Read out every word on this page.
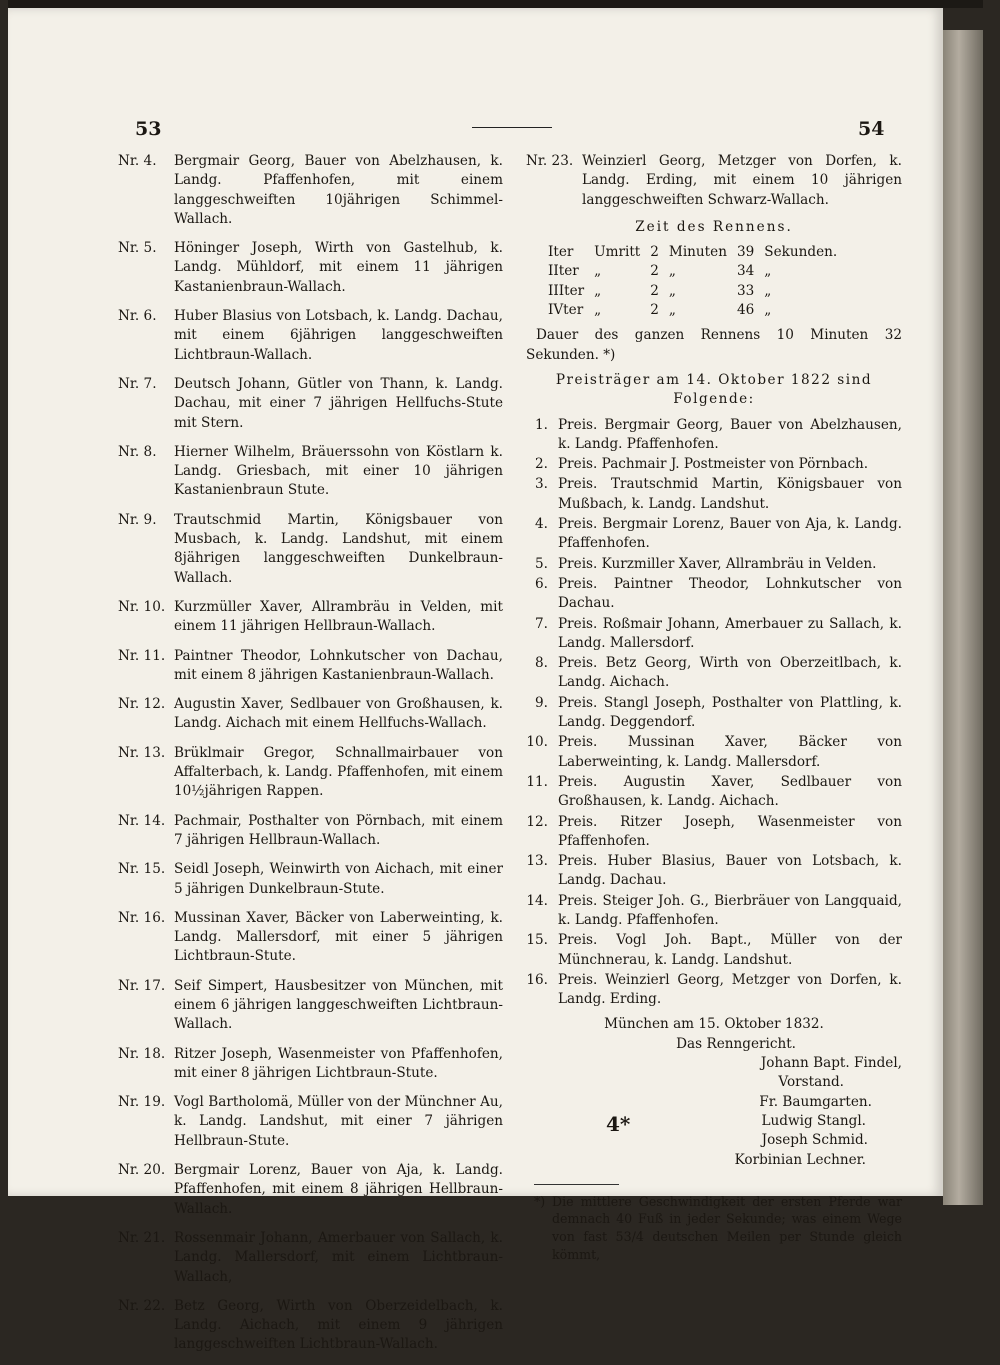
53	54
Nr. 4.	Bergmair Georg, Bauer von Abelzhausen, k. Landg. Pfaffenhofen, mit einem langgeschweiften 10jährigen Schimmel-Wallach.
Nr. 5.	Höninger Joseph, Wirth von Gastelhub, k. Landg. Mühldorf, mit einem 11 jährigen Kastanienbraun-Wallach.
Nr. 6.	Huber Blasius von Lotsbach, k. Landg. Dachau, mit einem 6jährigen langgeschweiften Lichtbraun-Wallach.
Nr. 7.	Deutsch Johann, Gütler von Thann, k. Landg. Dachau, mit einer 7 jährigen Hellfuchs-Stute mit Stern.
Nr. 8.	Hierner Wilhelm, Bräuerssohn von Köstlarn k. Landg. Griesbach, mit einer 10 jährigen Kastanienbraun Stute.
Nr. 9.	Trautschmid Martin, Königsbauer von Musbach, k. Landg. Landshut, mit einem 8jährigen langgeschweiften Dunkelbraun-Wallach.
Nr. 10. Kurzmüller Xaver, Allrambräu in Velden, mit einem 11 jährigen Hellbraun-Wallach.
Nr. 11. Paintner Theodor, Lohnkutscher von Dachau, mit einem 8 jährigen Kastanienbraun-Wallach.
Nr. 12. Augustin Xaver, Sedlbauer von Großhausen, k. Landg. Aichach mit einem Hellfuchs-Wallach.
Nr. 13. Brüklmair Gregor, Schnallmairbauer von Affalterbach, k. Landg. Pfaffenhofen, mit einem 10½jährigen Rappen.
Nr. 14. Pachmair, Posthalter von Pörnbach, mit einem 7 jährigen Hellbraun-Wallach.
Nr. 15. Seidl Joseph, Weinwirth von Aichach, mit einer 5 jährigen Dunkelbraun-Stute.
Nr. 16. Mussinan Xaver, Bäcker von Laberweinting, k. Landg. Mallersdorf, mit einer 5 jährigen Lichtbraun-Stute.
Nr. 17. Seif Simpert, Hausbesitzer von München, mit einem 6 jährigen langgeschweiften Lichtbraun-Wallach.
Nr. 18. Ritzer Joseph, Wasenmeister von Pfaffenhofen, mit einer 8 jährigen Lichtbraun-Stute.
Nr. 19. Vogl Bartholomä, Müller von der Münchner Au, k. Landg. Landshut, mit einer 7 jährigen Hellbraun-Stute.
Nr. 20. Bergmair Lorenz, Bauer von Aja, k. Landg. Pfaffenhofen, mit einem 8 jährigen Hellbraun-Wallach.
Nr. 21. Rossenmair Johann, Amerbauer von Sallach, k. Landg. Mallersdorf, mit einem Lichtbraun-Wallach,
Nr. 22. Betz Georg, Wirth von Oberzeidelbach, k. Landg. Aichach, mit einem 9 jährigen langgeschweiften Lichtbraun-Wallach.
Nr. 23. Weinzierl Georg, Metzger von Dorfen, k. Landg. Erding, mit einem 10 jährigen langgeschweiften Schwarz-Wallach.
Zeit des Rennens.
Iter	Umritt	2	Minuten	39	Sekunden.
IIter	„	2	„	34	„
IIIter	„	2	„	33	„
IVter	„	2	„	46	„
Dauer des ganzen Rennens 10 Minuten 32 Sekunden. *)
Preisträger am 14. Oktober 1822 sind Folgende:
1. Preis. Bergmair Georg, Bauer von Abelzhausen, k. Landg. Pfaffenhofen.
2. Preis. Pachmair J. Postmeister von Pörnbach.
3. Preis. Trautschmid Martin, Königsbauer von Mußbach, k. Landg. Landshut.
4. Preis. Bergmair Lorenz, Bauer von Aja, k. Landg. Pfaffenhofen.
5. Preis. Kurzmiller Xaver, Allrambräu in Velden.
6. Preis. Paintner Theodor, Lohnkutscher von Dachau.
7. Preis. Roßmair Johann, Amerbauer zu Sallach, k. Landg. Mallersdorf.
8. Preis. Betz Georg, Wirth von Oberzeitlbach, k. Landg. Aichach.
9. Preis. Stangl Joseph, Posthalter von Plattling, k. Landg. Deggendorf.
10. Preis. Mussinan Xaver, Bäcker von Laberweinting, k. Landg. Mallersdorf.
11. Preis. Augustin Xaver, Sedlbauer von Großhausen, k. Landg. Aichach.
12. Preis. Ritzer Joseph, Wasenmeister von Pfaffenhofen.
13. Preis. Huber Blasius, Bauer von Lotsbach, k. Landg. Dachau.
14. Preis. Steiger Joh. G., Bierbräuer von Langquaid, k. Landg. Pfaffenhofen.
15. Preis. Vogl Joh. Bapt., Müller von der Münchnerau, k. Landg. Landshut.
16. Preis. Weinzierl Georg, Metzger von Dorfen, k. Landg. Erding.
München am 15. Oktober 1832.
Das Renngericht.
Johann Bapt. Findel,
Vorstand.
Fr. Baumgarten.
Ludwig Stangl.
Joseph Schmid.
Korbinian Lechner.
*) Die mittlere Geschwindigkeit der ersten Pferde war demnach 40 Fuß in jeder Sekunde; was einem Wege von fast 53/4 deutschen Meilen per Stunde gleich kömmt,
4*
